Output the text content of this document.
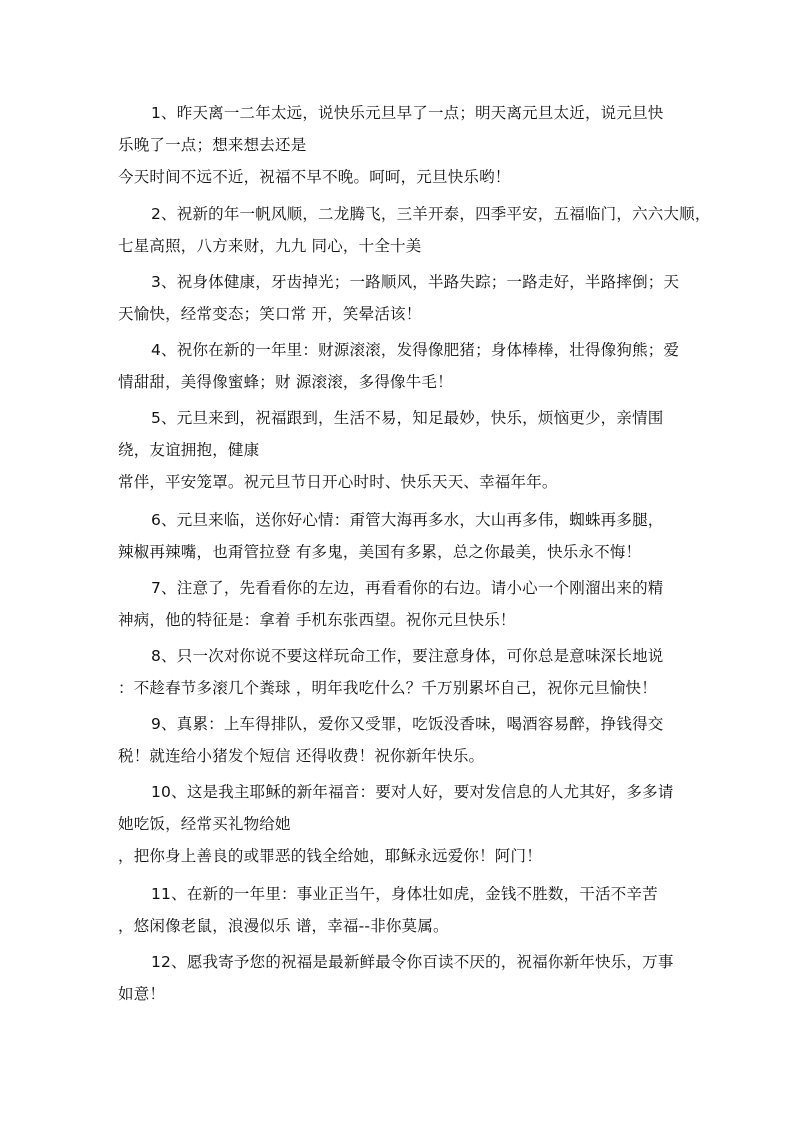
1、昨天离一二年太远，说快乐元旦早了一点；明天离元旦太近，说元旦快
乐晚了一点；想来想去还是
今天时间不远不近，祝福不早不晚。呵呵，元旦快乐哟！
2、祝新的年一帆风顺，二龙腾飞，三羊开泰，四季平安，五福临门，六六大顺，
七星高照，八方来财，九九 同心，十全十美
3、祝身体健康，牙齿掉光；一路顺风，半路失踪；一路走好，半路摔倒；天
天愉快，经常变态；笑口常 开，笑晕活该！
4、祝你在新的一年里：财源滚滚，发得像肥猪；身体棒棒，壮得像狗熊；爱
情甜甜，美得像蜜蜂；财 源滚滚，多得像牛毛！
5、元旦来到，祝福跟到，生活不易，知足最妙，快乐，烦恼更少，亲情围
绕，友谊拥抱，健康
常伴，平安笼罩。祝元旦节日开心时时、快乐天天、幸福年年。
6、元旦来临，送你好心情：甭管大海再多水，大山再多伟，蜘蛛再多腿，
辣椒再辣嘴，也甭管拉登 有多鬼，美国有多累，总之你最美，快乐永不悔！
7、注意了，先看看你的左边，再看看你的右边。请小心一个刚溜出来的精
神病，他的特征是：拿着 手机东张西望。祝你元旦快乐！
8、只一次对你说不要这样玩命工作，要注意身体，可你总是意味深长地说
：不趁春节多滚几个粪球 ，明年我吃什么？千万别累坏自己，祝你元旦愉快！
9、真累：上车得排队，爱你又受罪，吃饭没香味，喝酒容易醉，挣钱得交
税！就连给小猪发个短信 还得收费！祝你新年快乐。
10、这是我主耶稣的新年福音：要对人好，要对发信息的人尤其好，多多请
她吃饭，经常买礼物给她
，把你身上善良的或罪恶的钱全给她，耶稣永远爱你！阿门！
11、在新的一年里：事业正当午，身体壮如虎，金钱不胜数，干活不辛苦
，悠闲像老鼠，浪漫似乐 谱，幸福--非你莫属。
12、愿我寄予您的祝福是最新鲜最令你百读不厌的，祝福你新年快乐，万事
如意！
